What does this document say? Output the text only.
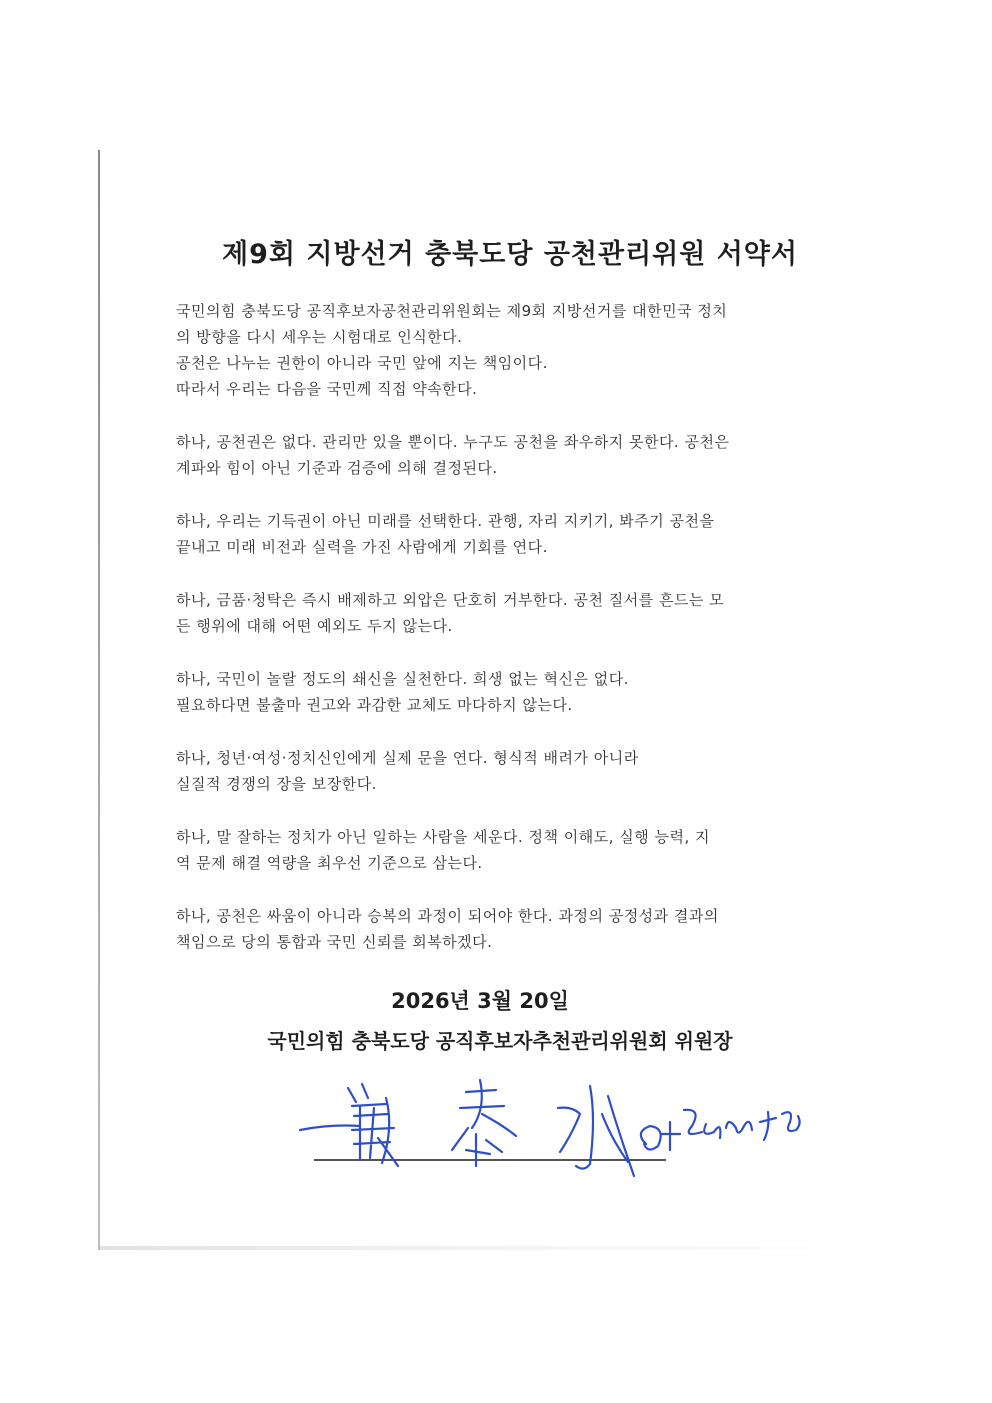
제9회 지방선거 충북도당 공천관리위원 서약서

국민의힘 충북도당 공직후보자공천관리위원회는 제9회 지방선거를 대한민국 정치
의 방향을 다시 세우는 시험대로 인식한다.
공천은 나누는 권한이 아니라 국민 앞에 지는 책임이다.
따라서 우리는 다음을 국민께 직접 약속한다.

하나, 공천권은 없다. 관리만 있을 뿐이다. 누구도 공천을 좌우하지 못한다. 공천은
계파와 힘이 아닌 기준과 검증에 의해 결정된다.

하나, 우리는 기득권이 아닌 미래를 선택한다. 관행, 자리 지키기, 봐주기 공천을
끝내고 미래 비전과 실력을 가진 사람에게 기회를 연다.

하나, 금품·청탁은 즉시 배제하고 외압은 단호히 거부한다. 공천 질서를 흔드는 모
든 행위에 대해 어떤 예외도 두지 않는다.

하나, 국민이 놀랄 정도의 쇄신을 실천한다. 희생 없는 혁신은 없다.
필요하다면 불출마 권고와 과감한 교체도 마다하지 않는다.

하나, 청년·여성·정치신인에게 실제 문을 연다. 형식적 배려가 아니라
실질적 경쟁의 장을 보장한다.

하나, 말 잘하는 정치가 아닌 일하는 사람을 세운다. 정책 이해도, 실행 능력, 지
역 문제 해결 역량을 최우선 기준으로 삼는다.

하나, 공천은 싸움이 아니라 승복의 과정이 되어야 한다. 과정의 공정성과 결과의
책임으로 당의 통합과 국민 신뢰를 회복하겠다.

2026년 3월 20일
국민의힘 충북도당 공직후보자추천관리위원회 위원장
